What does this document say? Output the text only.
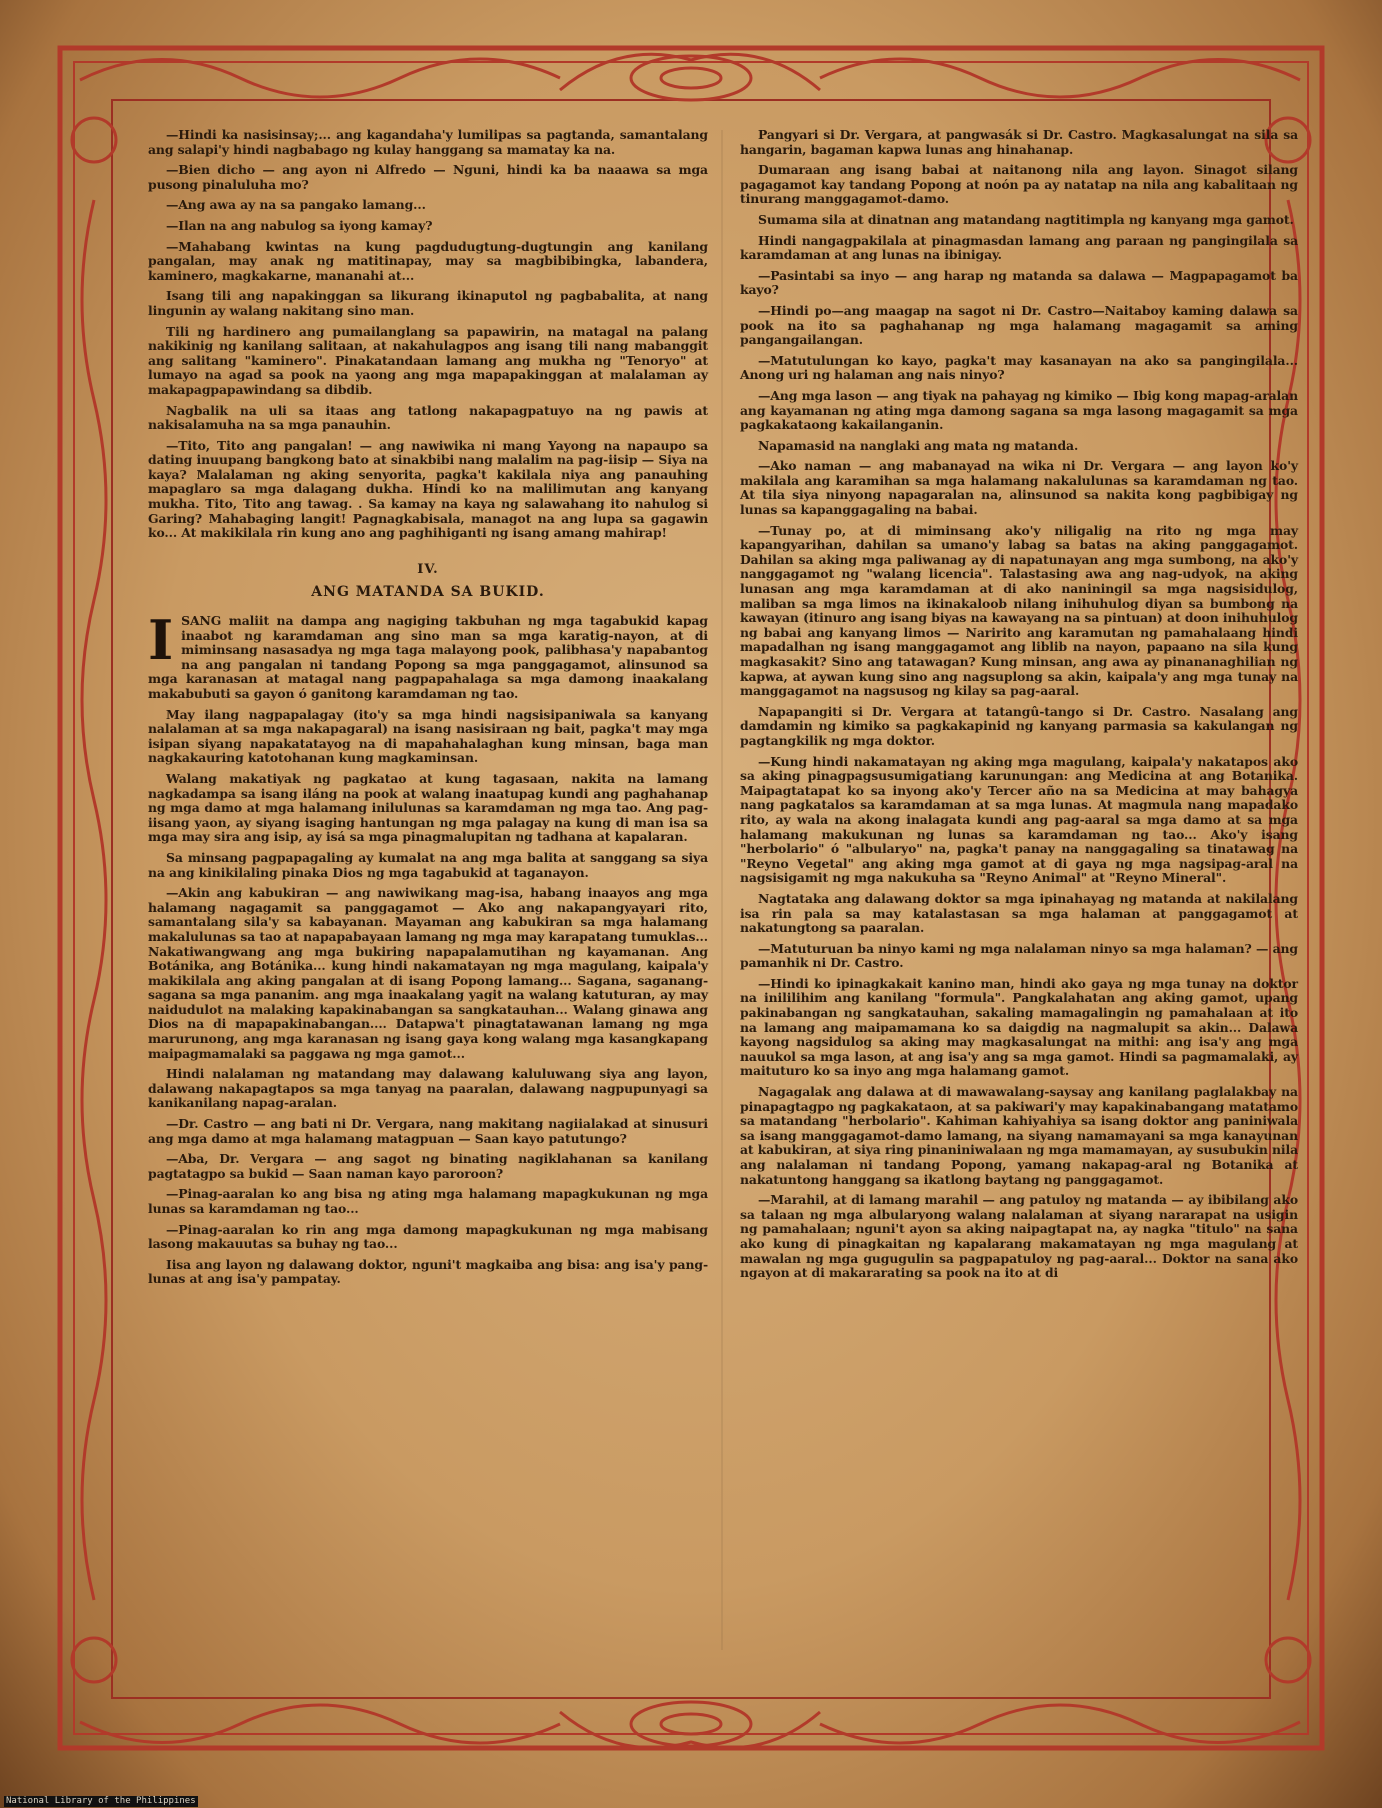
—Hindi ka nasisinsay;... ang kagandaha'y lumilipas sa pagtanda, samantalang ang salapi'y hindi nagbabago ng kulay hanggang sa mamatay ka na.

—Bien dicho — ang ayon ni Alfredo — Nguni, hindi ka ba naaawa sa mga pusong pinaluluha mo?

—Ang awa ay na sa pangako lamang...

—Ilan na ang nabulog sa iyong kamay?

—Mahabang kwintas na kung pagdudugtung-dugtungin ang kanilang pangalan, may anak ng matitinapay, may sa magbibibingka, labandera, kaminero, magkakarne, mananahi at...

Isang tili ang napakinggan sa likurang ikinaputol ng pagbabalita, at nang lingunin ay walang nakitang sino man.

Tili ng hardinero ang pumailanglang sa papawirin, na matagal na palang nakikinig ng kanilang salitaan, at nakahulagpos ang isang tili nang mabanggit ang salitang "kaminero". Pinakatandaan lamang ang mukha ng "Tenoryo" at lumayo na agad sa pook na yaong ang mga mapapakinggan at malalaman ay makapagpapawindang sa dibdib.

Nagbalik na uli sa itaas ang tatlong nakapagpatuyo na ng pawis at nakisalamuha na sa mga panauhin.

—Tito, Tito ang pangalan! — ang nawiwika ni mang Yayong na napaupo sa dating inuupang bangkong bato at sinakbibi nang malalim na pag-iisip — Siya na kaya? Malalaman ng aking senyorita, pagka't kakilala niya ang panauhing mapaglaro sa mga dalagang dukha. Hindi ko na malilimutan ang kanyang mukha. Tito, Tito ang tawag. . Sa kamay na kaya ng salawahang ito nahulog si Garing? Mahabaging langit! Pagnagkabisala, managot na ang lupa sa gagawin ko... At makikilala rin kung ano ang paghihiganti ng isang amang mahirap!

IV.
ANG MATANDA SA BUKID.

ISANG maliit na dampa ang nagiging takbuhan ng mga tagabukid kapag inaabot ng karamdaman ang sino man sa mga karatig-nayon, at di miminsang nasasadya ng mga taga malayong pook, palibhasa'y napabantog na ang pangalan ni tandang Popong sa mga panggagamot, alinsunod sa mga karanasan at matagal nang pagpapahalaga sa mga damong inaakalang makabubuti sa gayon ó ganitong karamdaman ng tao.

May ilang nagpapalagay (ito'y sa mga hindi nagsisipaniwala sa kanyang nalalaman at sa mga nakapagaral) na isang nasisiraan ng bait, pagka't may mga isipan siyang napakatatayog na di mapahahalaghan kung minsan, baga man nagkakauring katotohanan kung magkaminsan.

Walang makatiyak ng pagkatao at kung tagasaan, nakita na lamang nagkadampa sa isang iláng na pook at walang inaatupag kundi ang paghahanap ng mga damo at mga halamang inilulunas sa karamdaman ng mga tao. Ang pag-iisang yaon, ay siyang isaging hantungan ng mga palagay na kung di man isa sa mga may sira ang isip, ay isá sa mga pinagmalupitan ng tadhana at kapalaran.

Sa minsang pagpapagaling ay kumalat na ang mga balita at sanggang sa siya na ang kinikilaling pinaka Dios ng mga tagabukid at taganayon.

—Akin ang kabukiran — ang nawiwikang mag-isa, habang inaayos ang mga halamang nagagamit sa panggagamot — Ako ang nakapangyayari rito, samantalang sila'y sa kabayanan. Mayaman ang kabukiran sa mga halamang makalulunas sa tao at napapabayaan lamang ng mga may karapatang tumuklas... Nakatiwangwang ang mga bukiring napapalamutihan ng kayamanan. Ang Botánika, ang Botánika... kung hindi nakamatayan ng mga magulang, kaipala'y makikilala ang aking pangalan at di isang Popong lamang... Sagana, saganang-sagana sa mga pananim. ang mga inaakalang yagit na walang katuturan, ay may naidudulot na malaking kapakinabangan sa sangkatauhan... Walang ginawa ang Dios na di mapapakinabangan.... Datapwa't pinagtatawanan lamang ng mga marurunong, ang mga karanasan ng isang gaya kong walang mga kasangkapang maipagmamalaki sa paggawa ng mga gamot...

Hindi nalalaman ng matandang may dalawang kaluluwang siya ang layon, dalawang nakapagtapos sa mga tanyag na paaralan, dalawang nagpupunyagi sa kanikanilang napag-aralan.

—Dr. Castro — ang bati ni Dr. Vergara, nang makitang nagiialakad at sinusuri ang mga damo at mga halamang matagpuan — Saan kayo patutungo?

—Aba, Dr. Vergara — ang sagot ng binating nagiklahanan sa kanilang pagtatagpo sa bukid — Saan naman kayo paroroon?

—Pinag-aaralan ko ang bisa ng ating mga halamang mapagkukunan ng mga lunas sa karamdaman ng tao...

—Pinag-aaralan ko rin ang mga damong mapagkukunan ng mga mabisang lasong makauutas sa buhay ng tao...

Iisa ang layon ng dalawang doktor, nguni't magkaiba ang bisa: ang isa'y pang-lunas at ang isa'y pampatay.

Pangyari si Dr. Vergara, at pangwasák si Dr. Castro. Magkasalungat na sila sa hangarin, bagaman kapwa lunas ang hinahanap.

Dumaraan ang isang babai at naitanong nila ang layon. Sinagot silang pagagamot kay tandang Popong at noón pa ay natatap na nila ang kabalitaan ng tinurang manggagamot-damo.

Sumama sila at dinatnan ang matandang nagtitimpla ng kanyang mga gamot.

Hindi nangagpakilala at pinagmasdan lamang ang paraan ng pangingilala sa karamdaman at ang lunas na ibinigay.

—Pasintabi sa inyo — ang harap ng matanda sa dalawa — Magpapagamot ba kayo?

—Hindi po—ang maagap na sagot ni Dr. Castro—Naitaboy kaming dalawa sa pook na ito sa paghahanap ng mga halamang magagamit sa aming pangangailangan.

—Matutulungan ko kayo, pagka't may kasanayan na ako sa pangingilala... Anong uri ng halaman ang nais ninyo?

—Ang mga lason — ang tiyak na pahayag ng kimiko — Ibig kong mapag-aralan ang kayamanan ng ating mga damong sagana sa mga lasong magagamit sa mga pagkakataong kakailanganin.

Napamasid na nanglaki ang mata ng matanda.

—Ako naman — ang mabanayad na wika ni Dr. Vergara — ang layon ko'y makilala ang karamihan sa mga halamang nakalulunas sa karamdaman ng tao. At tila siya ninyong napagaralan na, alinsunod sa nakita kong pagbibigay ng lunas sa kapanggagaling na babai.

—Tunay po, at di miminsang ako'y niligalig na rito ng mga may kapangyarihan, dahilan sa umano'y labag sa batas na aking panggagamot. Dahilan sa aking mga paliwanag ay di napatunayan ang mga sumbong, na ako'y nanggagamot ng "walang licencia". Talastasing awa ang nag-udyok, na aking lunasan ang mga karamdaman at di ako naniningil sa mga nagsisidulog, maliban sa mga limos na ikinakaloob nilang inihuhulog diyan sa bumbong na kawayan (itinuro ang isang biyas na kawayang na sa pintuan) at doon inihuhulog ng babai ang kanyang limos — Naririto ang karamutan ng pamahalaang hindi mapadalhan ng isang manggagamot ang liblib na nayon, papaano na sila kung magkasakit? Sino ang tatawagan? Kung minsan, ang awa ay pinananaghilian ng kapwa, at aywan kung sino ang nagsuplong sa akin, kaipala'y ang mga tunay na manggagamot na nagsusog ng kilay sa pag-aaral.

Napapangiti si Dr. Vergara at tatangû-tango si Dr. Castro. Nasalang ang damdamin ng kimiko sa pagkakapinid ng kanyang parmasia sa kakulangan ng pagtangkilik ng mga doktor.

—Kung hindi nakamatayan ng aking mga magulang, kaipala'y nakatapos ako sa aking pinagpagsusumigatiang karunungan: ang Medicina at ang Botanika. Maipagtatapat ko sa inyong ako'y Tercer año na sa Medicina at may bahagya nang pagkatalos sa karamdaman at sa mga lunas. At magmula nang mapadako rito, ay wala na akong inalagata kundi ang pag-aaral sa mga damo at sa mga halamang makukunan ng lunas sa karamdaman ng tao... Ako'y isang "herbolario" ó "albularyo" na, pagka't panay na nanggagaling sa tinatawag na "Reyno Vegetal" ang aking mga gamot at di gaya ng mga nagsipag-aral na nagsisigamit ng mga nakukuha sa "Reyno Animal" at "Reyno Mineral".

Nagtataka ang dalawang doktor sa mga ipinahayag ng matanda at nakilalang isa rin pala sa may katalastasan sa mga halaman at panggagamot at nakatungtong sa paaralan.

—Matuturuan ba ninyo kami ng mga nalalaman ninyo sa mga halaman? — ang pamanhik ni Dr. Castro.

—Hindi ko ipinagkakait kanino man, hindi ako gaya ng mga tunay na doktor na inililihim ang kanilang "formula". Pangkalahatan ang aking gamot, upang pakinabangan ng sangkatauhan, sakaling mamagalingin ng pamahalaan at ito na lamang ang maipamamana ko sa daigdig na nagmalupit sa akin... Dalawa kayong nagsidulog sa aking may magkasalungat na mithi: ang isa'y ang mga nauukol sa mga lason, at ang isa'y ang sa mga gamot. Hindi sa pagmamalaki, ay maituturo ko sa inyo ang mga halamang gamot.

Nagagalak ang dalawa at di mawawalang-saysay ang kanilang paglalakbay na pinapagtagpo ng pagkakataon, at sa pakiwari'y may kapakinabangang matatamo sa matandang "herbolario". Kahiman kahiyahiya sa isang doktor ang paniniwala sa isang manggagamot-damo lamang, na siyang namamayani sa mga kanayunan at kabukiran, at siya ring pinaniniwalaan ng mga mamamayan, ay susubukin nila ang nalalaman ni tandang Popong, yamang nakapag-aral ng Botanika at nakatuntong hanggang sa ikatlong baytang ng panggagamot.

—Marahil, at di lamang marahil — ang patuloy ng matanda — ay ibibilang ako sa talaan ng mga albularyong walang nalalaman at siyang nararapat na usigin ng pamahalaan; nguni't ayon sa aking naipagtapat na, ay nagka "titulo" na sana ako kung di pinagkaitan ng kapalarang makamatayan ng mga magulang at mawalan ng mga gugugulin sa pagpapatuloy ng pag-aaral... Doktor na sana ako ngayon at di makararating sa pook na ito at di

National Library of the Philippines
